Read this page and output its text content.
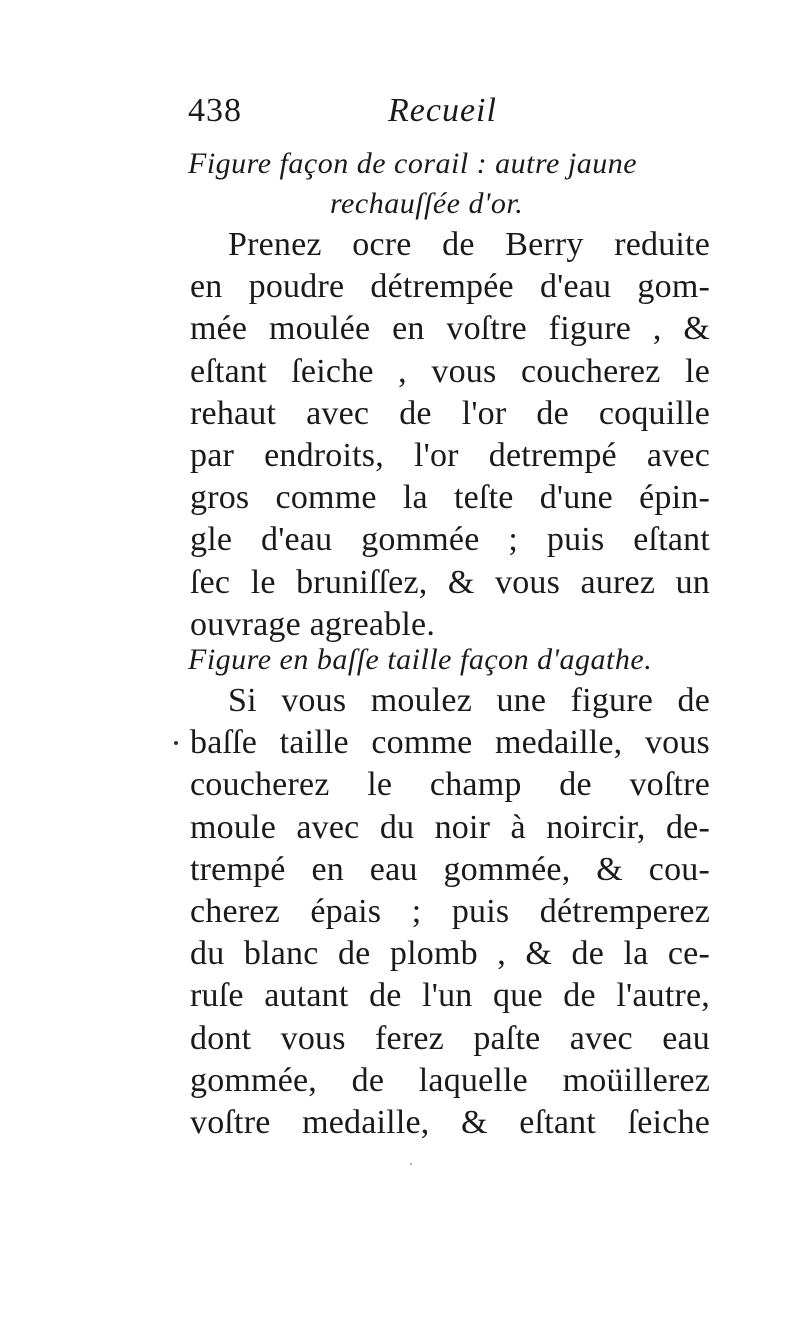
438	Recueil
Figure façon de corail : autre jaune
rechauſſée d'or.
Prenez ocre de Berry reduite
en poudre détrempée d'eau gom-
mée moulée en voſtre figure , &
eſtant ſeiche , vous coucherez le
rehaut avec de l'or de coquille
par endroits, l'or detrempé avec
gros comme la teſte d'une épin-
gle d'eau gommée ; puis eſtant
ſec le bruniſſez, & vous aurez un
ouvrage agreable.
Figure en baſſe taille façon d'agathe.
Si vous moulez une figure de
baſſe taille comme medaille, vous
coucherez le champ de voſtre
moule avec du noir à noircir, de-
trempé en eau gommée, & cou-
cherez épais ; puis détremperez
du blanc de plomb , & de la ce-
ruſe autant de l'un que de l'autre,
dont vous ferez paſte avec eau
gommée, de laquelle moüillerez
voſtre medaille, & eſtant ſeiche
